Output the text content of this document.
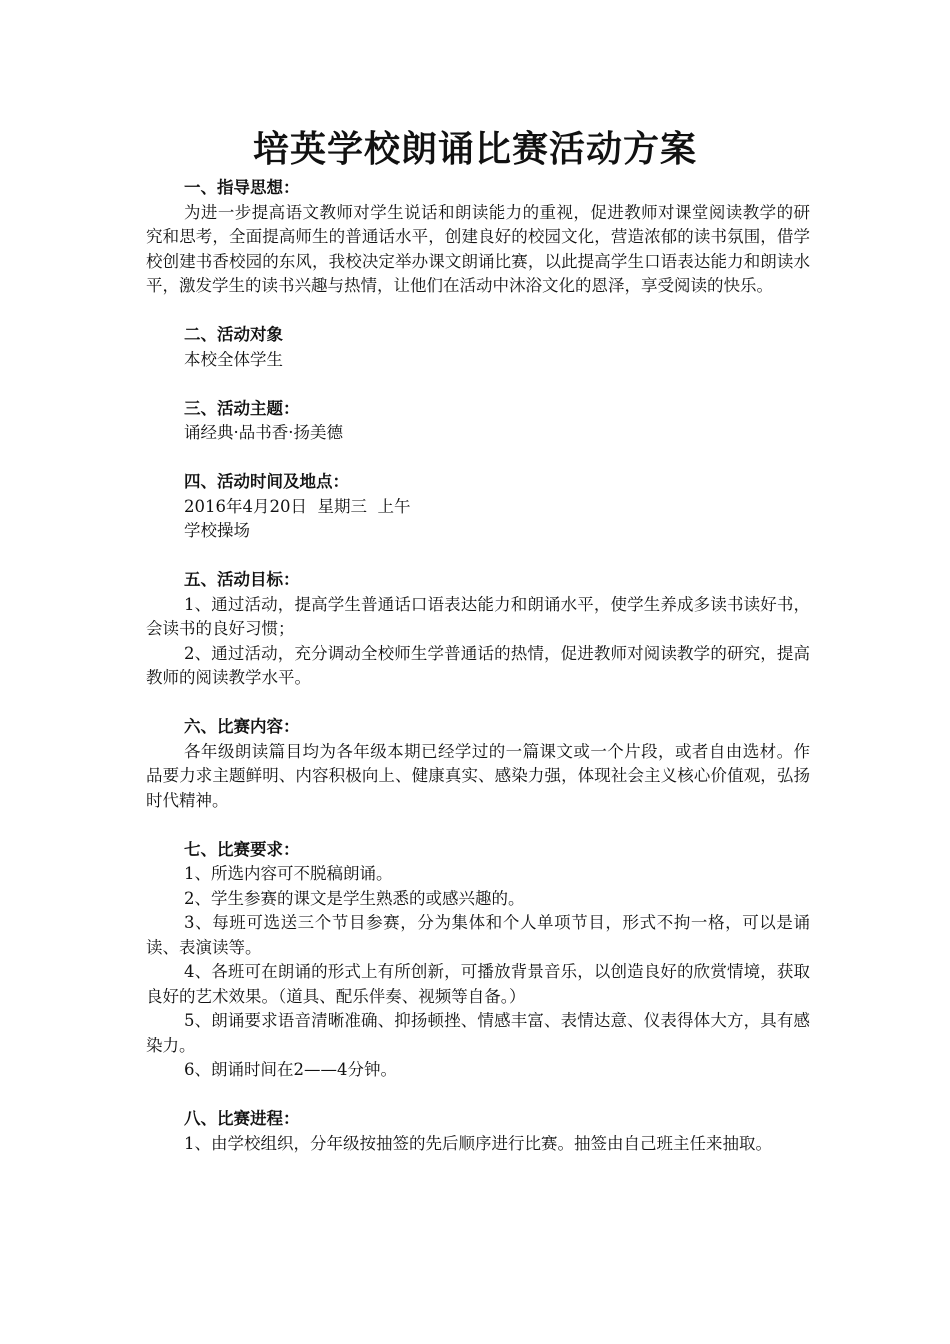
培英学校朗诵比赛活动方案
一、指导思想：

为进一步提高语文教师对学生说话和朗读能力的重视，促进教师对课堂阅读教学的研究和思考，全面提高师生的普通话水平，创建良好的校园文化，营造浓郁的读书氛围，借学校创建书香校园的东风，我校决定举办课文朗诵比赛，以此提高学生口语表达能力和朗读水平，激发学生的读书兴趣与热情，让他们在活动中沐浴文化的恩泽，享受阅读的快乐。

二、活动对象
本校全体学生
三、活动主题：
诵经典·品书香·扬美德
四、活动时间及地点：
2016年4月20日  星期三  上午
学校操场
五、活动目标：

1、通过活动，提高学生普通话口语表达能力和朗诵水平，使学生养成多读书读好书，会读书的良好习惯；

2、通过活动，充分调动全校师生学普通话的热情，促进教师对阅读教学的研究，提高教师的阅读教学水平。

六、比赛内容：

各年级朗读篇目均为各年级本期已经学过的一篇课文或一个片段，或者自由选材。作品要力求主题鲜明、内容积极向上、健康真实、感染力强，体现社会主义核心价值观，弘扬时代精神。

七、比赛要求：

1、所选内容可不脱稿朗诵。

2、学生参赛的课文是学生熟悉的或感兴趣的。

3、每班可选送三个节目参赛，分为集体和个人单项节目，形式不拘一格，可以是诵读、表演读等。

4、各班可在朗诵的形式上有所创新，可播放背景音乐，以创造良好的欣赏情境，获取良好的艺术效果。（道具、配乐伴奏、视频等自备。）

5、朗诵要求语音清晰准确、抑扬顿挫、情感丰富、表情达意、仪表得体大方，具有感染力。

6、朗诵时间在2——4分钟。

八、比赛进程：

1、由学校组织，分年级按抽签的先后顺序进行比赛。抽签由自己班主任来抽取。
